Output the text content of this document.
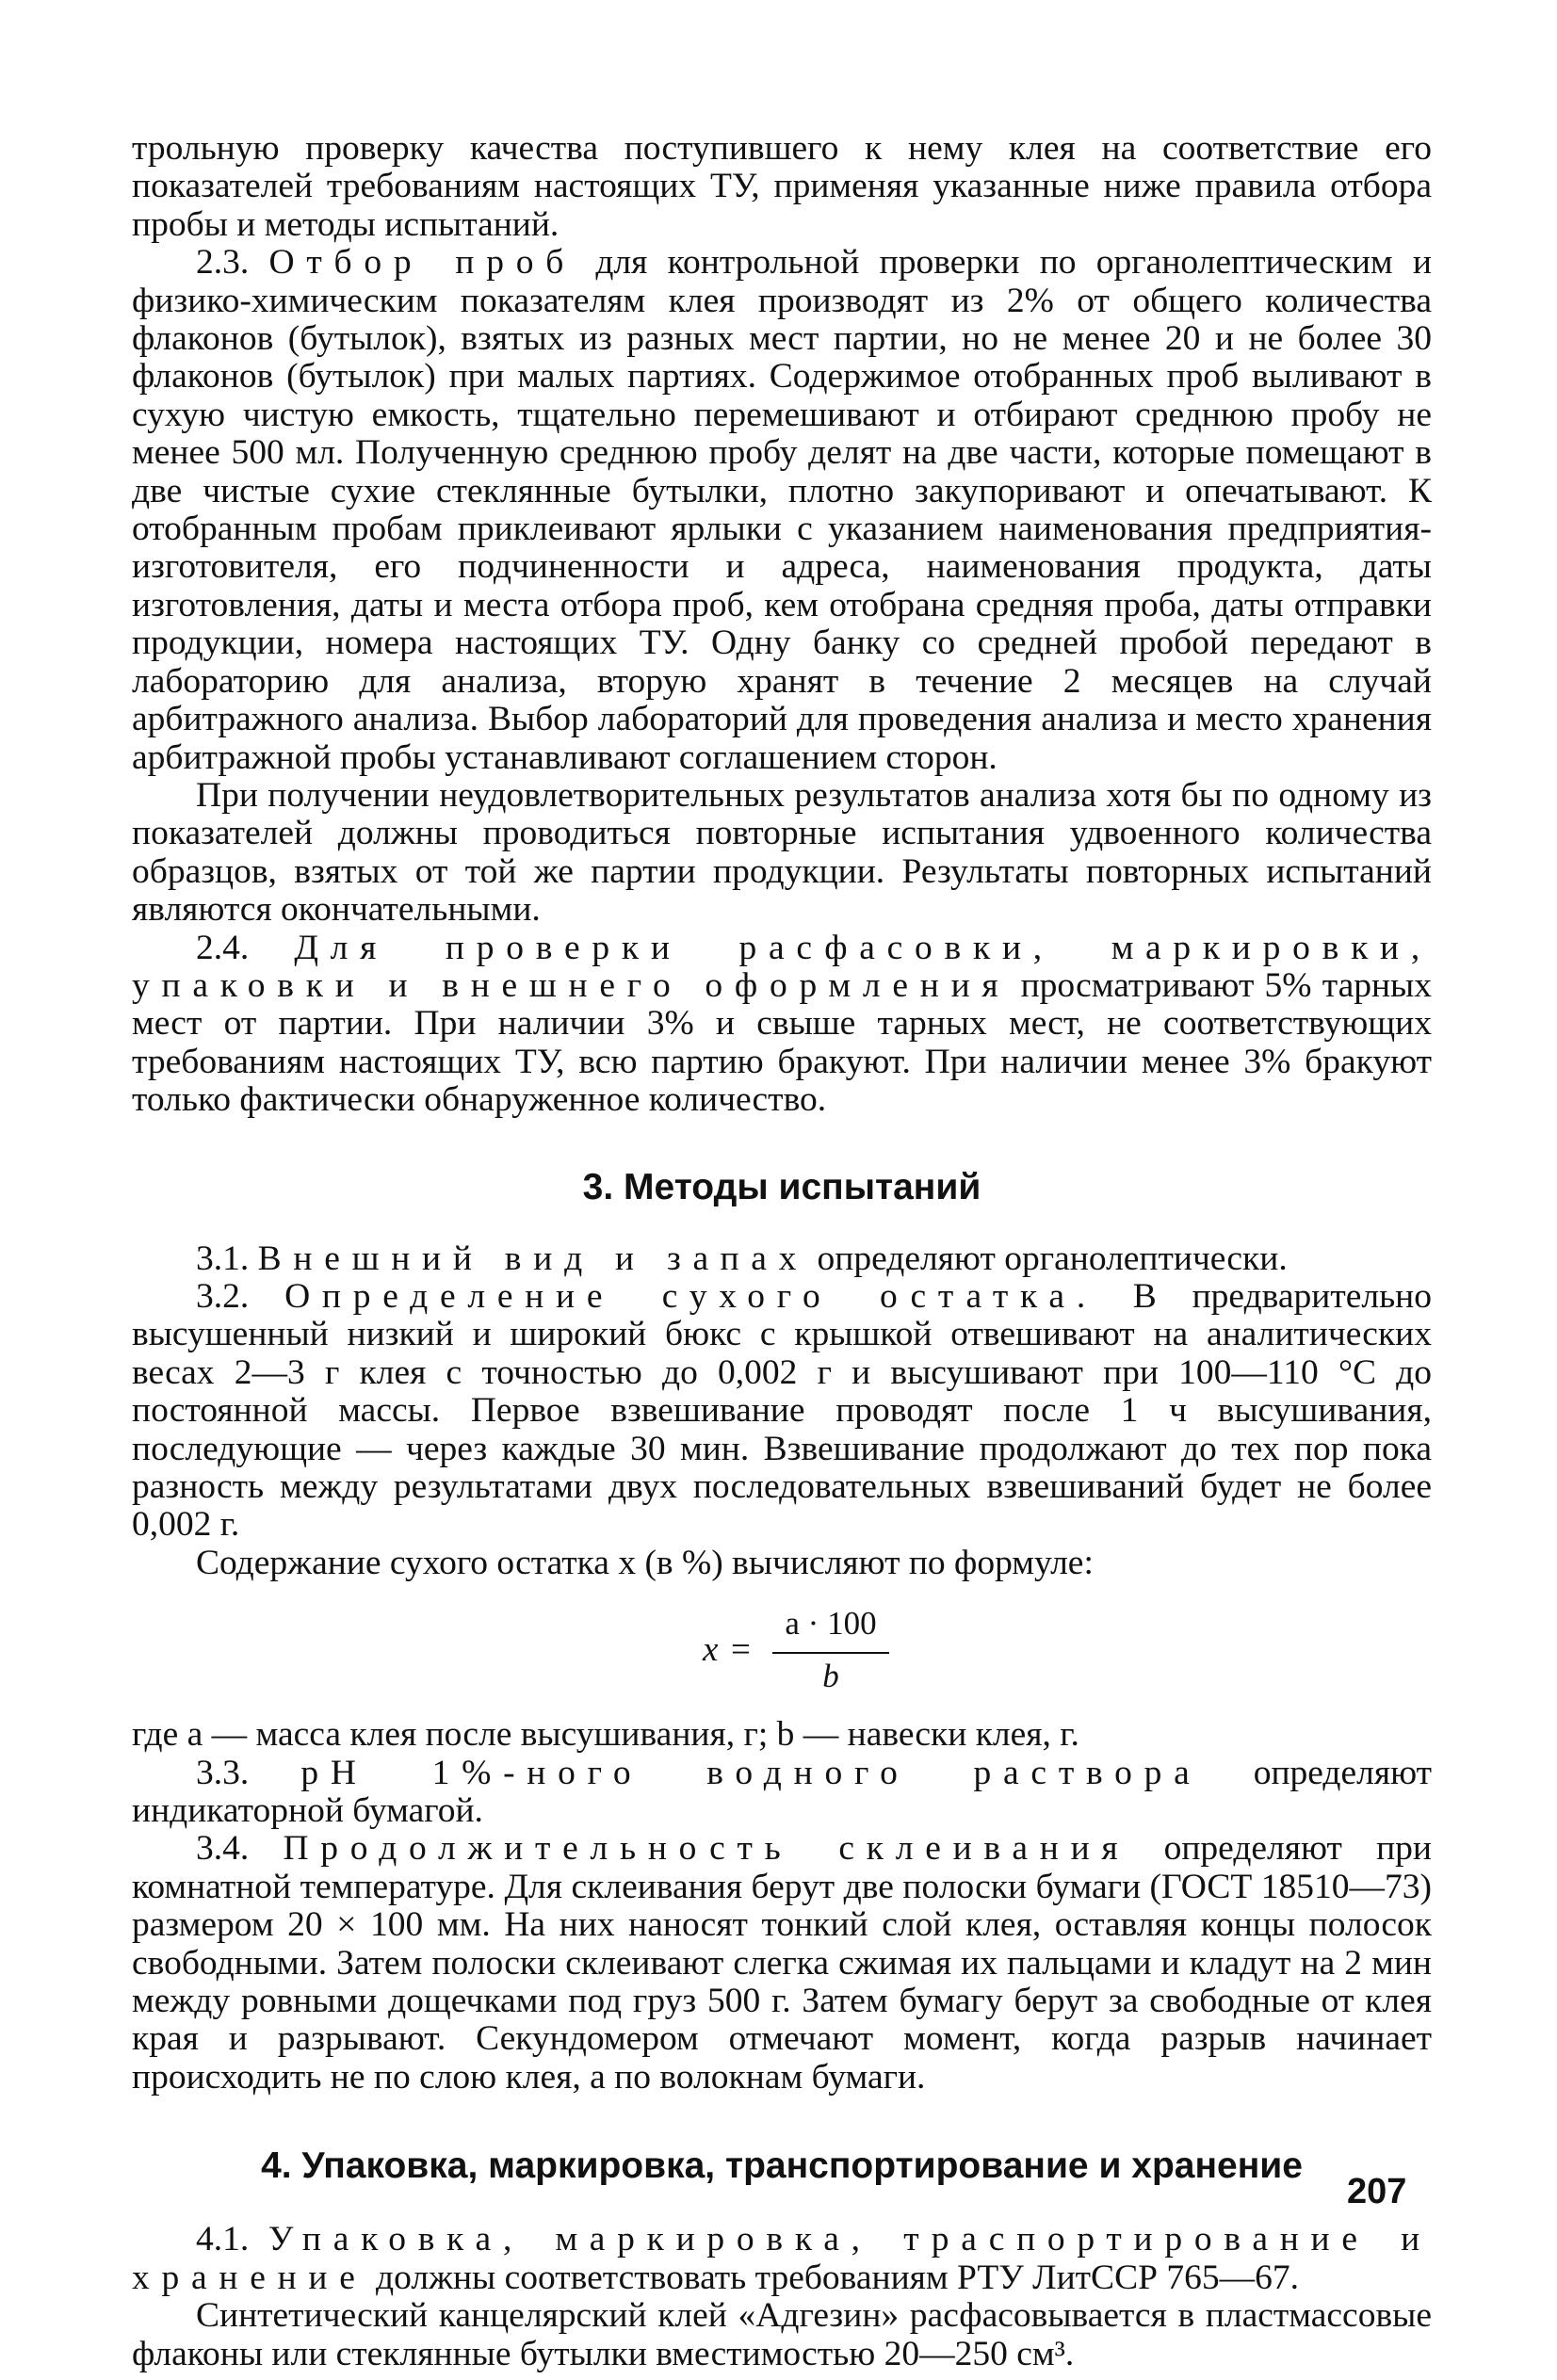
трольную проверку качества поступившего к нему клея на соответствие его показателей требованиям настоящих ТУ, применяя указанные ниже правила отбора пробы и методы испытаний.

2.3. Отбор проб для контрольной проверки по органолептическим и физико-химическим показателям клея производят из 2% от общего количества флаконов (бутылок), взятых из разных мест партии, но не менее 20 и не более 30 флаконов (бутылок) при малых партиях. Содержимое отобранных проб выливают в сухую чистую емкость, тщательно перемешивают и отбирают среднюю пробу не менее 500 мл. Полученную среднюю пробу делят на две части, которые помещают в две чистые сухие стеклянные бутылки, плотно закупоривают и опечатывают. К отобранным пробам приклеивают ярлыки с указанием наименования предприятия-изготовителя, его подчиненности и адреса, наименования продукта, даты изготовления, даты и места отбора проб, кем отобрана средняя проба, даты отправки продукции, номера настоящих ТУ. Одну банку со средней пробой передают в лабораторию для анализа, вторую хранят в течение 2 месяцев на случай арбитражного анализа. Выбор лабораторий для проведения анализа и место хранения арбитражной пробы устанавливают соглашением сторон.

При получении неудовлетворительных результатов анализа хотя бы по одному из показателей должны проводиться повторные испытания удвоенного количества образцов, взятых от той же партии продукции. Результаты повторных испытаний являются окончательными.

2.4. Для проверки расфасовки, маркировки, упаковки и внешнего оформления просматривают 5% тарных мест от партии. При наличии 3% и свыше тарных мест, не соответствующих требованиям настоящих ТУ, всю партию бракуют. При наличии менее 3% бракуют только фактически обнаруженное количество.

3. Методы испытаний

3.1. Внешний вид и запах определяют органолептически.

3.2. Определение сухого остатка. В предварительно высушенный низкий и широкий бюкс с крышкой отвешивают на аналитических весах 2—3 г клея с точностью до 0,002 г и высушивают при 100—110 °С до постоянной массы. Первое взвешивание проводят после 1 ч высушивания, последующие — через каждые 30 мин. Взвешивание продолжают до тех пор пока разность между результатами двух последовательных взвешиваний будет не более 0,002 г.

Содержание сухого остатка x (в %) вычисляют по формуле:

x =
a · 100
b

где a — масса клея после высушивания, г; b — навески клея, г.

3.3. pH 1%-ного водного раствора определяют индикаторной бумагой.

3.4. Продолжительность склеивания определяют при комнатной температуре. Для склеивания берут две полоски бумаги (ГОСТ 18510—73) размером 20 × 100 мм. На них наносят тонкий слой клея, оставляя концы полосок свободными. Затем полоски склеивают слегка сжимая их пальцами и кладут на 2 мин между ровными дощечками под груз 500 г. Затем бумагу берут за свободные от клея края и разрывают. Секундомером отмечают момент, когда разрыв начинает происходить не по слою клея, а по волокнам бумаги.

4. Упаковка, маркировка, транспортирование и хранение

4.1. Упаковка, маркировка, траспортирование и хранение должны соответствовать требованиям РТУ ЛитССР 765—67.

Синтетический канцелярский клей «Адгезин» расфасовывается в пластмассовые флаконы или стеклянные бутылки вместимостью 20—250 см³.

207
